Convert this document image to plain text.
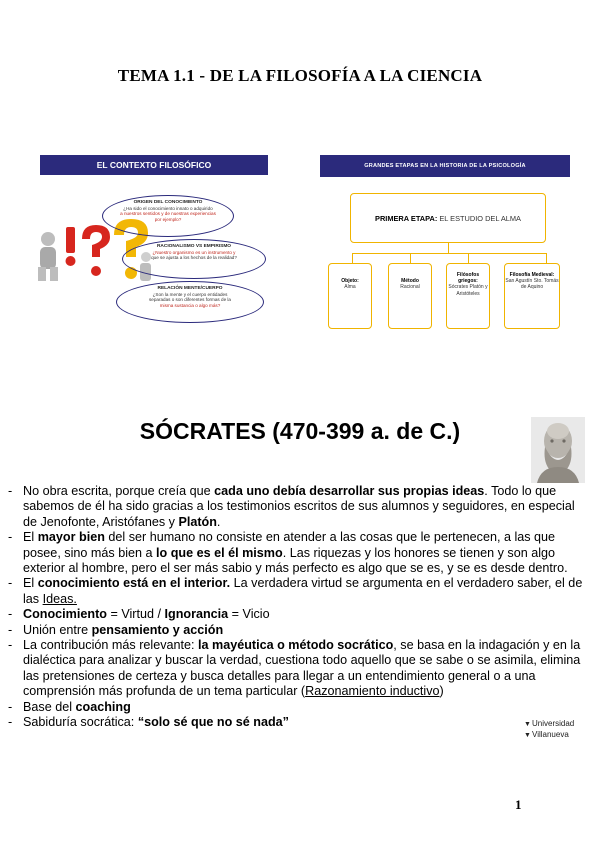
TEMA 1.1 - DE LA FILOSOFÍA A LA CIENCIA
EL CONTEXTO FILOSÓFICO
ORIGEN DEL CONOCIMIENTO
¿Ha sido el conocimiento innato o adquirido
a nuestros sentidos y de nuestras experiencias
por ejemplo?
RACIONALISMO VS EMPIRISMO
¿Nuestro organismo es un instrumento y
que se ajusta a los hechos de la realidad?
RELACIÓN MENTE/CUERPO
¿Son la mente y el cuerpo entidades
separadas o son diferentes formas de la
misma sustancia o algo más?
GRANDES ETAPAS EN LA HISTORIA DE LA PSICOLOGÍA
PRIMERA ETAPA: EL ESTUDIO DEL ALMA
Objeto:
Alma
Método
Racional
Filósofos griegos:
Sócrates Platón y Aristóteles
Filosofía Medieval:
San Agustín Sto. Tomás de Aquino
SÓCRATES (470-399 a. de C.)
- No obra escrita, porque creía que cada uno debía desarrollar sus propias ideas. Todo lo que sabemos de él ha sido gracias a los testimonios escritos de sus alumnos y seguidores, en especial de Jenofonte, Aristófanes y Platón.
- El mayor bien del ser humano no consiste en atender a las cosas que le pertenecen, a las que posee, sino más bien a lo que es el él mismo. Las riquezas y los honores se tienen y son algo exterior al hombre, pero el ser más sabio y más perfecto es algo que se es, y se es desde dentro.
- El conocimiento está en el interior. La verdadera virtud se argumenta en el verdadero saber, el de las Ideas.
- Conocimiento = Virtud / Ignorancia = Vicio
- Unión entre pensamiento y acción
- La contribución más relevante: la mayéutica o método socrático, se basa en la indagación y en la dialéctica para analizar y buscar la verdad, cuestiona todo aquello que se sabe o se asimila, elimina las pretensiones de certeza y busca detalles para llegar a un entendimiento general o a una comprensión más profunda de un tema particular (Razonamiento inductivo)
- Base del coaching
- Sabiduría socrática: “solo sé que no sé nada”	▼Universidad
▼Villanueva
1
